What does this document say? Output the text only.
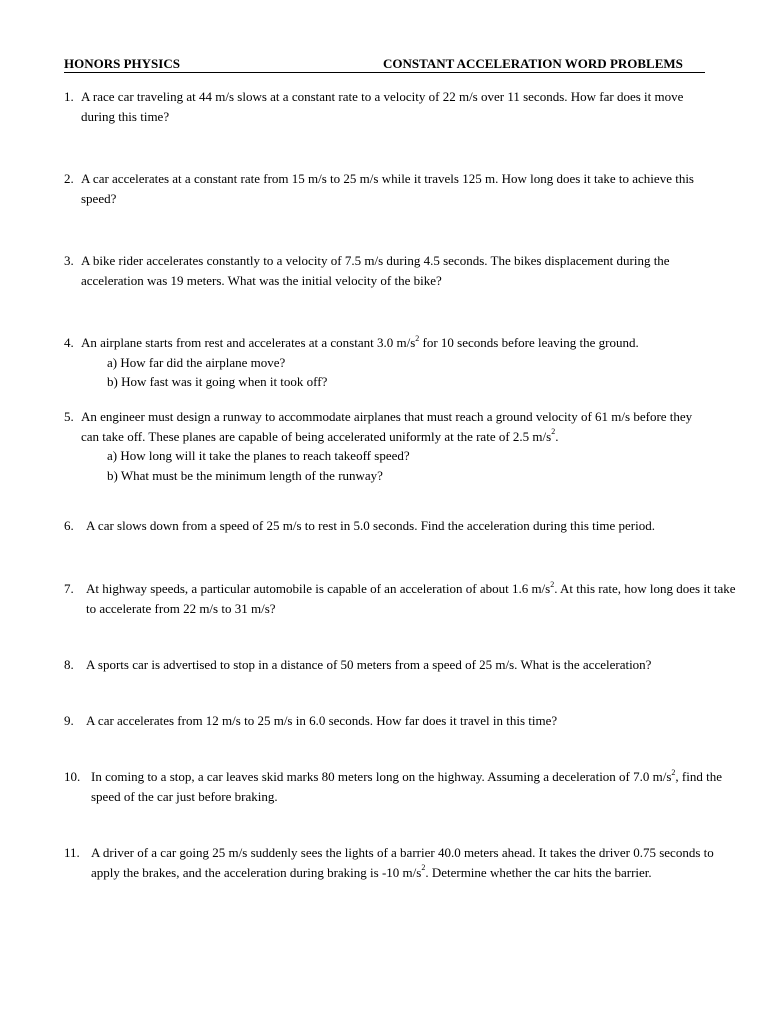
HONORS PHYSICS	CONSTANT ACCELERATION WORD PROBLEMS
1. A race car traveling at 44 m/s slows at a constant rate to a velocity of 22 m/s over 11 seconds. How far does it move during this time?
2. A car accelerates at a constant rate from 15 m/s to 25 m/s while it travels 125 m. How long does it take to achieve this speed?
3. A bike rider accelerates constantly to a velocity of 7.5 m/s during 4.5 seconds. The bikes displacement during the acceleration was 19 meters. What was the initial velocity of the bike?
4. An airplane starts from rest and accelerates at a constant 3.0 $m/s^2$ for 10 seconds before leaving the ground.
a) How far did the airplane move?
b) How fast was it going when it took off?
5. An engineer must design a runway to accommodate airplanes that must reach a ground velocity of 61 m/s before they can take off. These planes are capable of being accelerated uniformly at the rate of 2.5 $m/s^2$.
a) How long will it take the planes to reach takeoff speed?
b) What must be the minimum length of the runway?
6. A car slows down from a speed of 25 m/s to rest in 5.0 seconds. Find the acceleration during this time period.
7. At highway speeds, a particular automobile is capable of an acceleration of about 1.6 $m/s^2$. At this rate, how long does it take to accelerate from 22 m/s to 31 m/s?
8. A sports car is advertised to stop in a distance of 50 meters from a speed of 25 m/s. What is the acceleration?
9. A car accelerates from 12 m/s to 25 m/s in 6.0 seconds. How far does it travel in this time?
10. In coming to a stop, a car leaves skid marks 80 meters long on the highway. Assuming a deceleration of 7.0 $m/s^2$, find the speed of the car just before braking.
11. A driver of a car going 25 m/s suddenly sees the lights of a barrier 40.0 meters ahead. It takes the driver 0.75 seconds to apply the brakes, and the acceleration during braking is -10 $m/s^2$. Determine whether the car hits the barrier.
